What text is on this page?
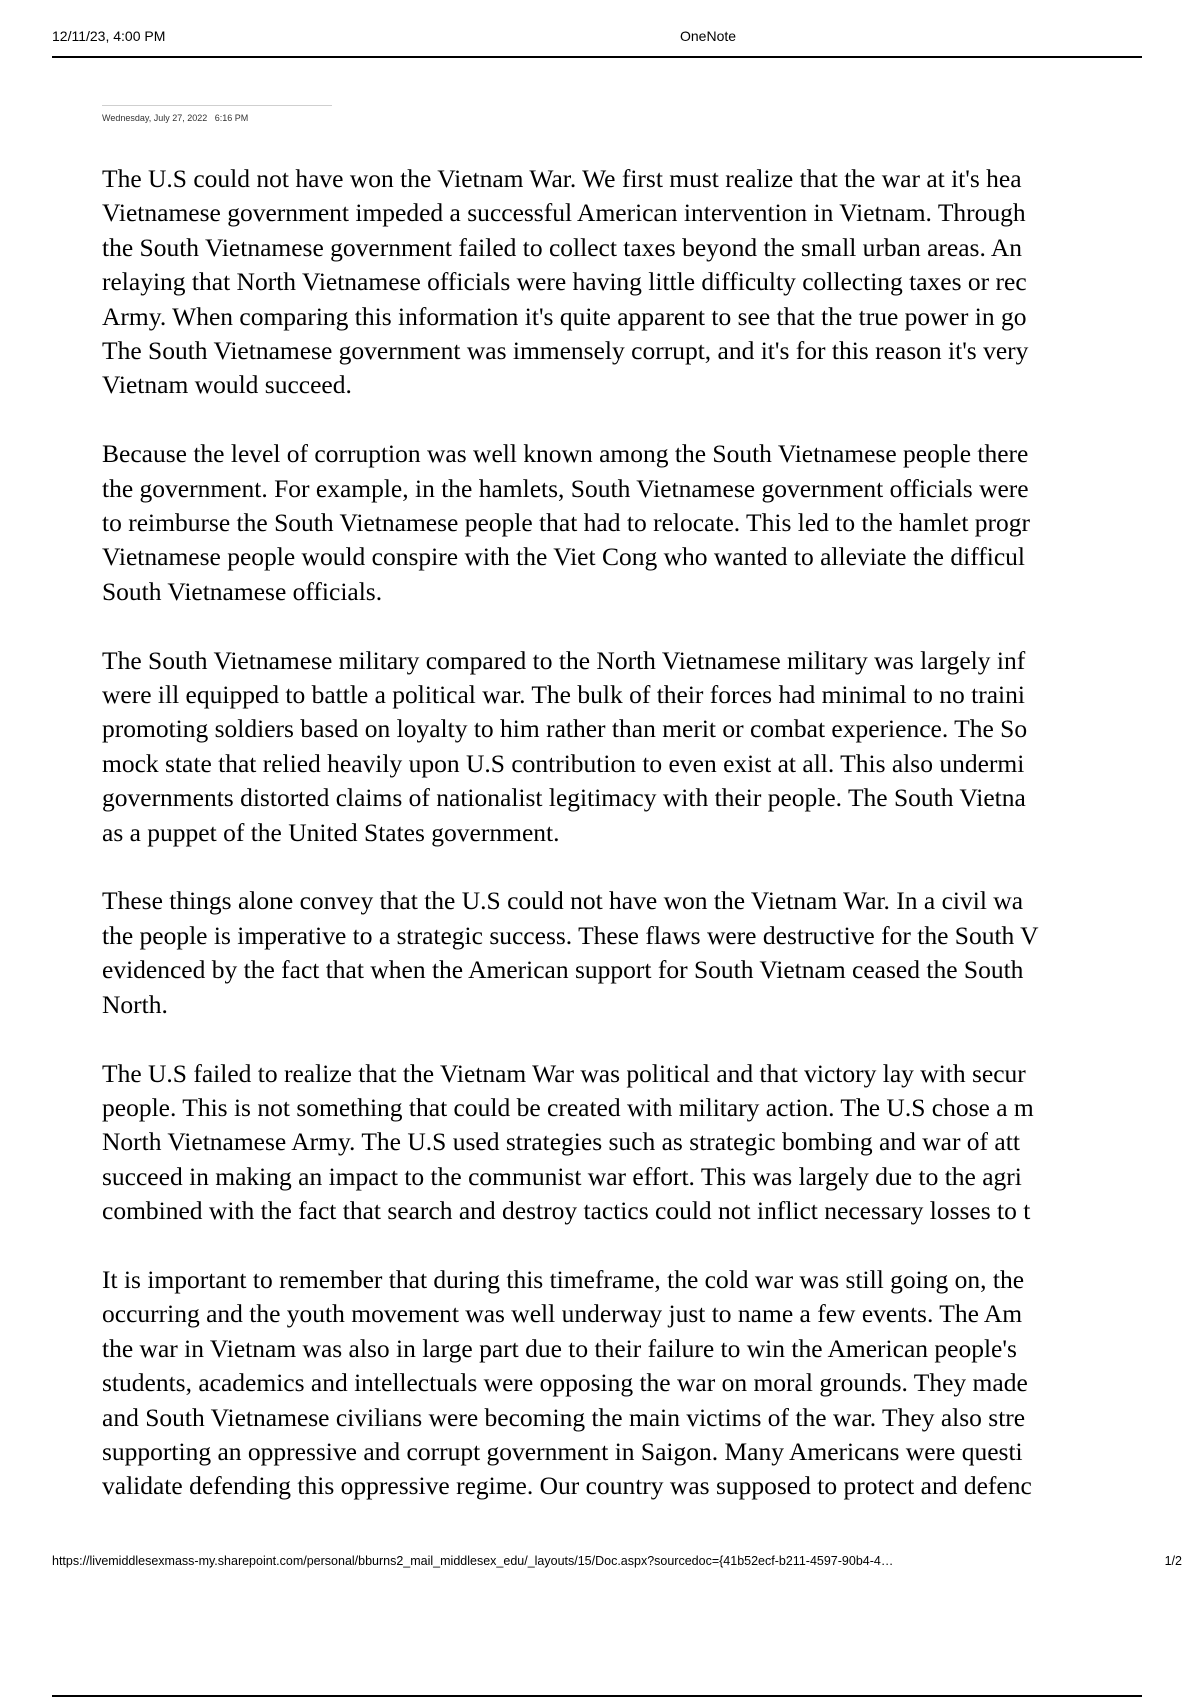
12/11/23, 4:00 PM	OneNote
Wednesday, July 27, 2022 6:16 PM
The U.S could not have won the Vietnam War. We first must realize that the war at it's hea
Vietnamese government impeded a successful American intervention in Vietnam. Through
the South Vietnamese government failed to collect taxes beyond the small urban areas. An
relaying that North Vietnamese officials were having little difficulty collecting taxes or rec
Army. When comparing this information it's quite apparent to see that the true power in go
The South Vietnamese government was immensely corrupt, and it's for this reason it's very
Vietnam would succeed.
Because the level of corruption was well known among the South Vietnamese people there
the government. For example, in the hamlets, South Vietnamese government officials were
to reimburse the South Vietnamese people that had to relocate. This led to the hamlet progr
Vietnamese people would conspire with the Viet Cong who wanted to alleviate the difficul
South Vietnamese officials.
The South Vietnamese military compared to the North Vietnamese military was largely inf
were ill equipped to battle a political war. The bulk of their forces had minimal to no traini
promoting soldiers based on loyalty to him rather than merit or combat experience. The So
mock state that relied heavily upon U.S contribution to even exist at all. This also undermi
governments distorted claims of nationalist legitimacy with their people. The South Vietna
as a puppet of the United States government.
These things alone convey that the U.S could not have won the Vietnam War. In a civil wa
the people is imperative to a strategic success. These flaws were destructive for the South V
evidenced by the fact that when the American support for South Vietnam ceased the South
North.
The U.S failed to realize that the Vietnam War was political and that victory lay with secur
people. This is not something that could be created with military action. The U.S chose a m
North Vietnamese Army. The U.S used strategies such as strategic bombing and war of att
succeed in making an impact to the communist war effort. This was largely due to the agri
combined with the fact that search and destroy tactics could not inflict necessary losses to t
It is important to remember that during this timeframe, the cold war was still going on, the
occurring and the youth movement was well underway just to name a few events. The Am
the war in Vietnam was also in large part due to their failure to win the American people's
students, academics and intellectuals were opposing the war on moral grounds. They made
and South Vietnamese civilians were becoming the main victims of the war. They also stre
supporting an oppressive and corrupt government in Saigon. Many Americans were questi
validate defending this oppressive regime. Our country was supposed to protect and defenc
https://livemiddlesexmass-my.sharepoint.com/personal/bburns2_mail_middlesex_edu/_layouts/15/Doc.aspx?sourcedoc={41b52ecf-b211-4597-90b4-4…	1/2
